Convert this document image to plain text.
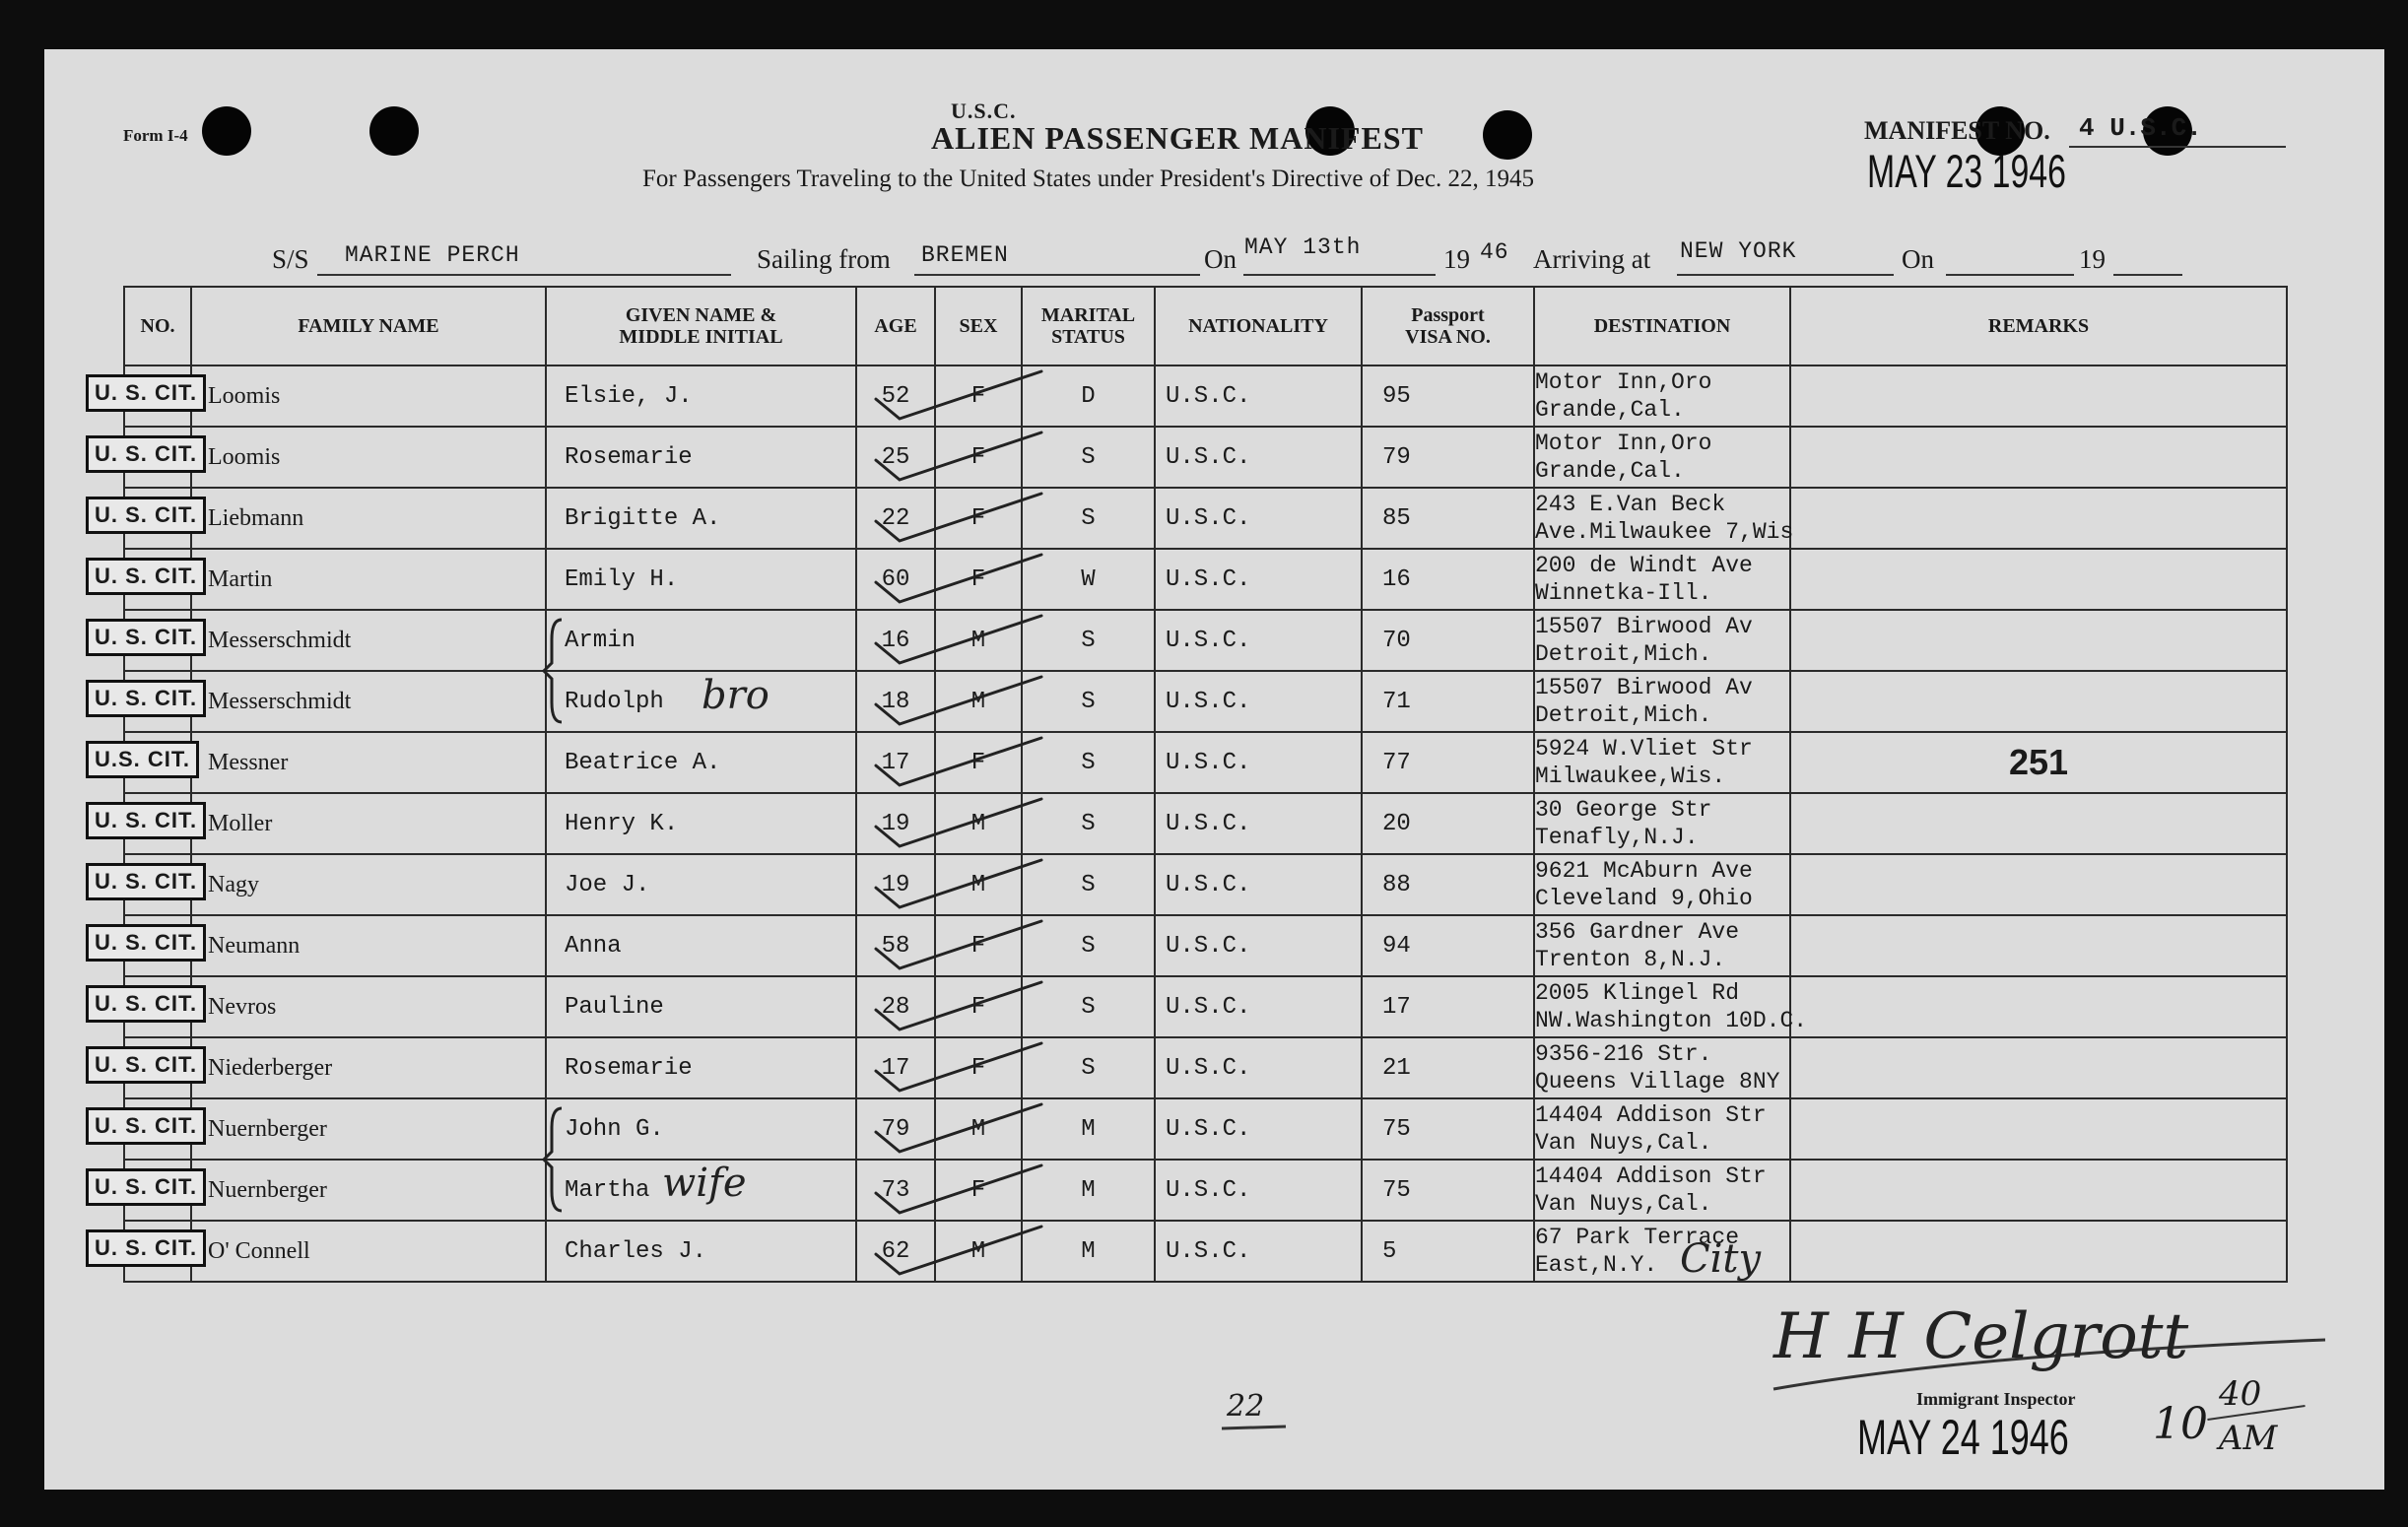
Form I-4
U.S.C.
ALIEN PASSENGER MANIFEST
For Passengers Traveling to the United States under President's Directive of Dec. 22, 1945
MANIFEST NO. 4 U.S.C.
S/S MARINE PERCH	Sailing from BREMEN	On MAY 13th	19 46 Arriving at NEW YORK
MAY 23 1946
On	19
NO.	FAMILY NAME	GIVEN NAME &
MIDDLE INITIAL	AGE	SEX	MARITAL
STATUS	NATIONALITY	Passport
VISA NO.	DESTINATION	REMARKS

U. S. CIT.	Loomis	Elsie, J.	52	F	D	U.S.C.	95	Motor Inn,Oro
Grande,Cal.	

U. S. CIT.	Loomis	Rosemarie	25	F	S	U.S.C.	79	Motor Inn,Oro
Grande,Cal.	

U. S. CIT.	Liebmann	Brigitte A.	22	F	S	U.S.C.	85	243 E.Van Beck
Ave.Milwaukee 7,Wis	

U. S. CIT.	Martin	Emily H.	60	F	W	U.S.C.	16	200 de Windt Ave
Winnetka-Ill.	

U. S. CIT.	Messerschmidt	Armin	16	M	S	U.S.C.	70	15507 Birwood Av
Detroit,Mich.	

U. S. CIT.	Messerschmidt	Rudolph	18	M	S	U.S.C.	71	15507 Birwood Av
Detroit,Mich.	

U.S. CIT.	Messner	Beatrice A.	17	F	S	U.S.C.	77	5924 W.Vliet Str
Milwaukee,Wis.	251

U. S. CIT.	Moller	Henry K.	19	M	S	U.S.C.	20	30 George Str
Tenafly,N.J.	

U. S. CIT.	Nagy	Joe J.	19	M	S	U.S.C.	88	9621 McAburn Ave
Cleveland 9,Ohio	

U. S. CIT.	Neumann	Anna	58	F	S	U.S.C.	94	356 Gardner Ave
Trenton 8,N.J.	

U. S. CIT.	Nevros	Pauline	28	F	S	U.S.C.	17	2005 Klingel Rd
NW.Washington 10D.C.	

U. S. CIT.	Niederberger	Rosemarie	17	F	S	U.S.C.	21	9356-216 Str.
Queens Village 8NY	

U. S. CIT.	Nuernberger	John G.	79	M	M	U.S.C.	75	14404 Addison Str
Van Nuys,Cal.	

U. S. CIT.	Nuernberger	Martha	73	F	M	U.S.C.	75	14404 Addison Str
Van Nuys,Cal.	

U. S. CIT.	O' Connell	Charles J.	62	M	M	U.S.C.	5	67 Park Terrace
East,N.Y.	

bro
wife
City
22
H H Celgrott
Immigrant Inspector
MAY 24 1946 10
40
AM
